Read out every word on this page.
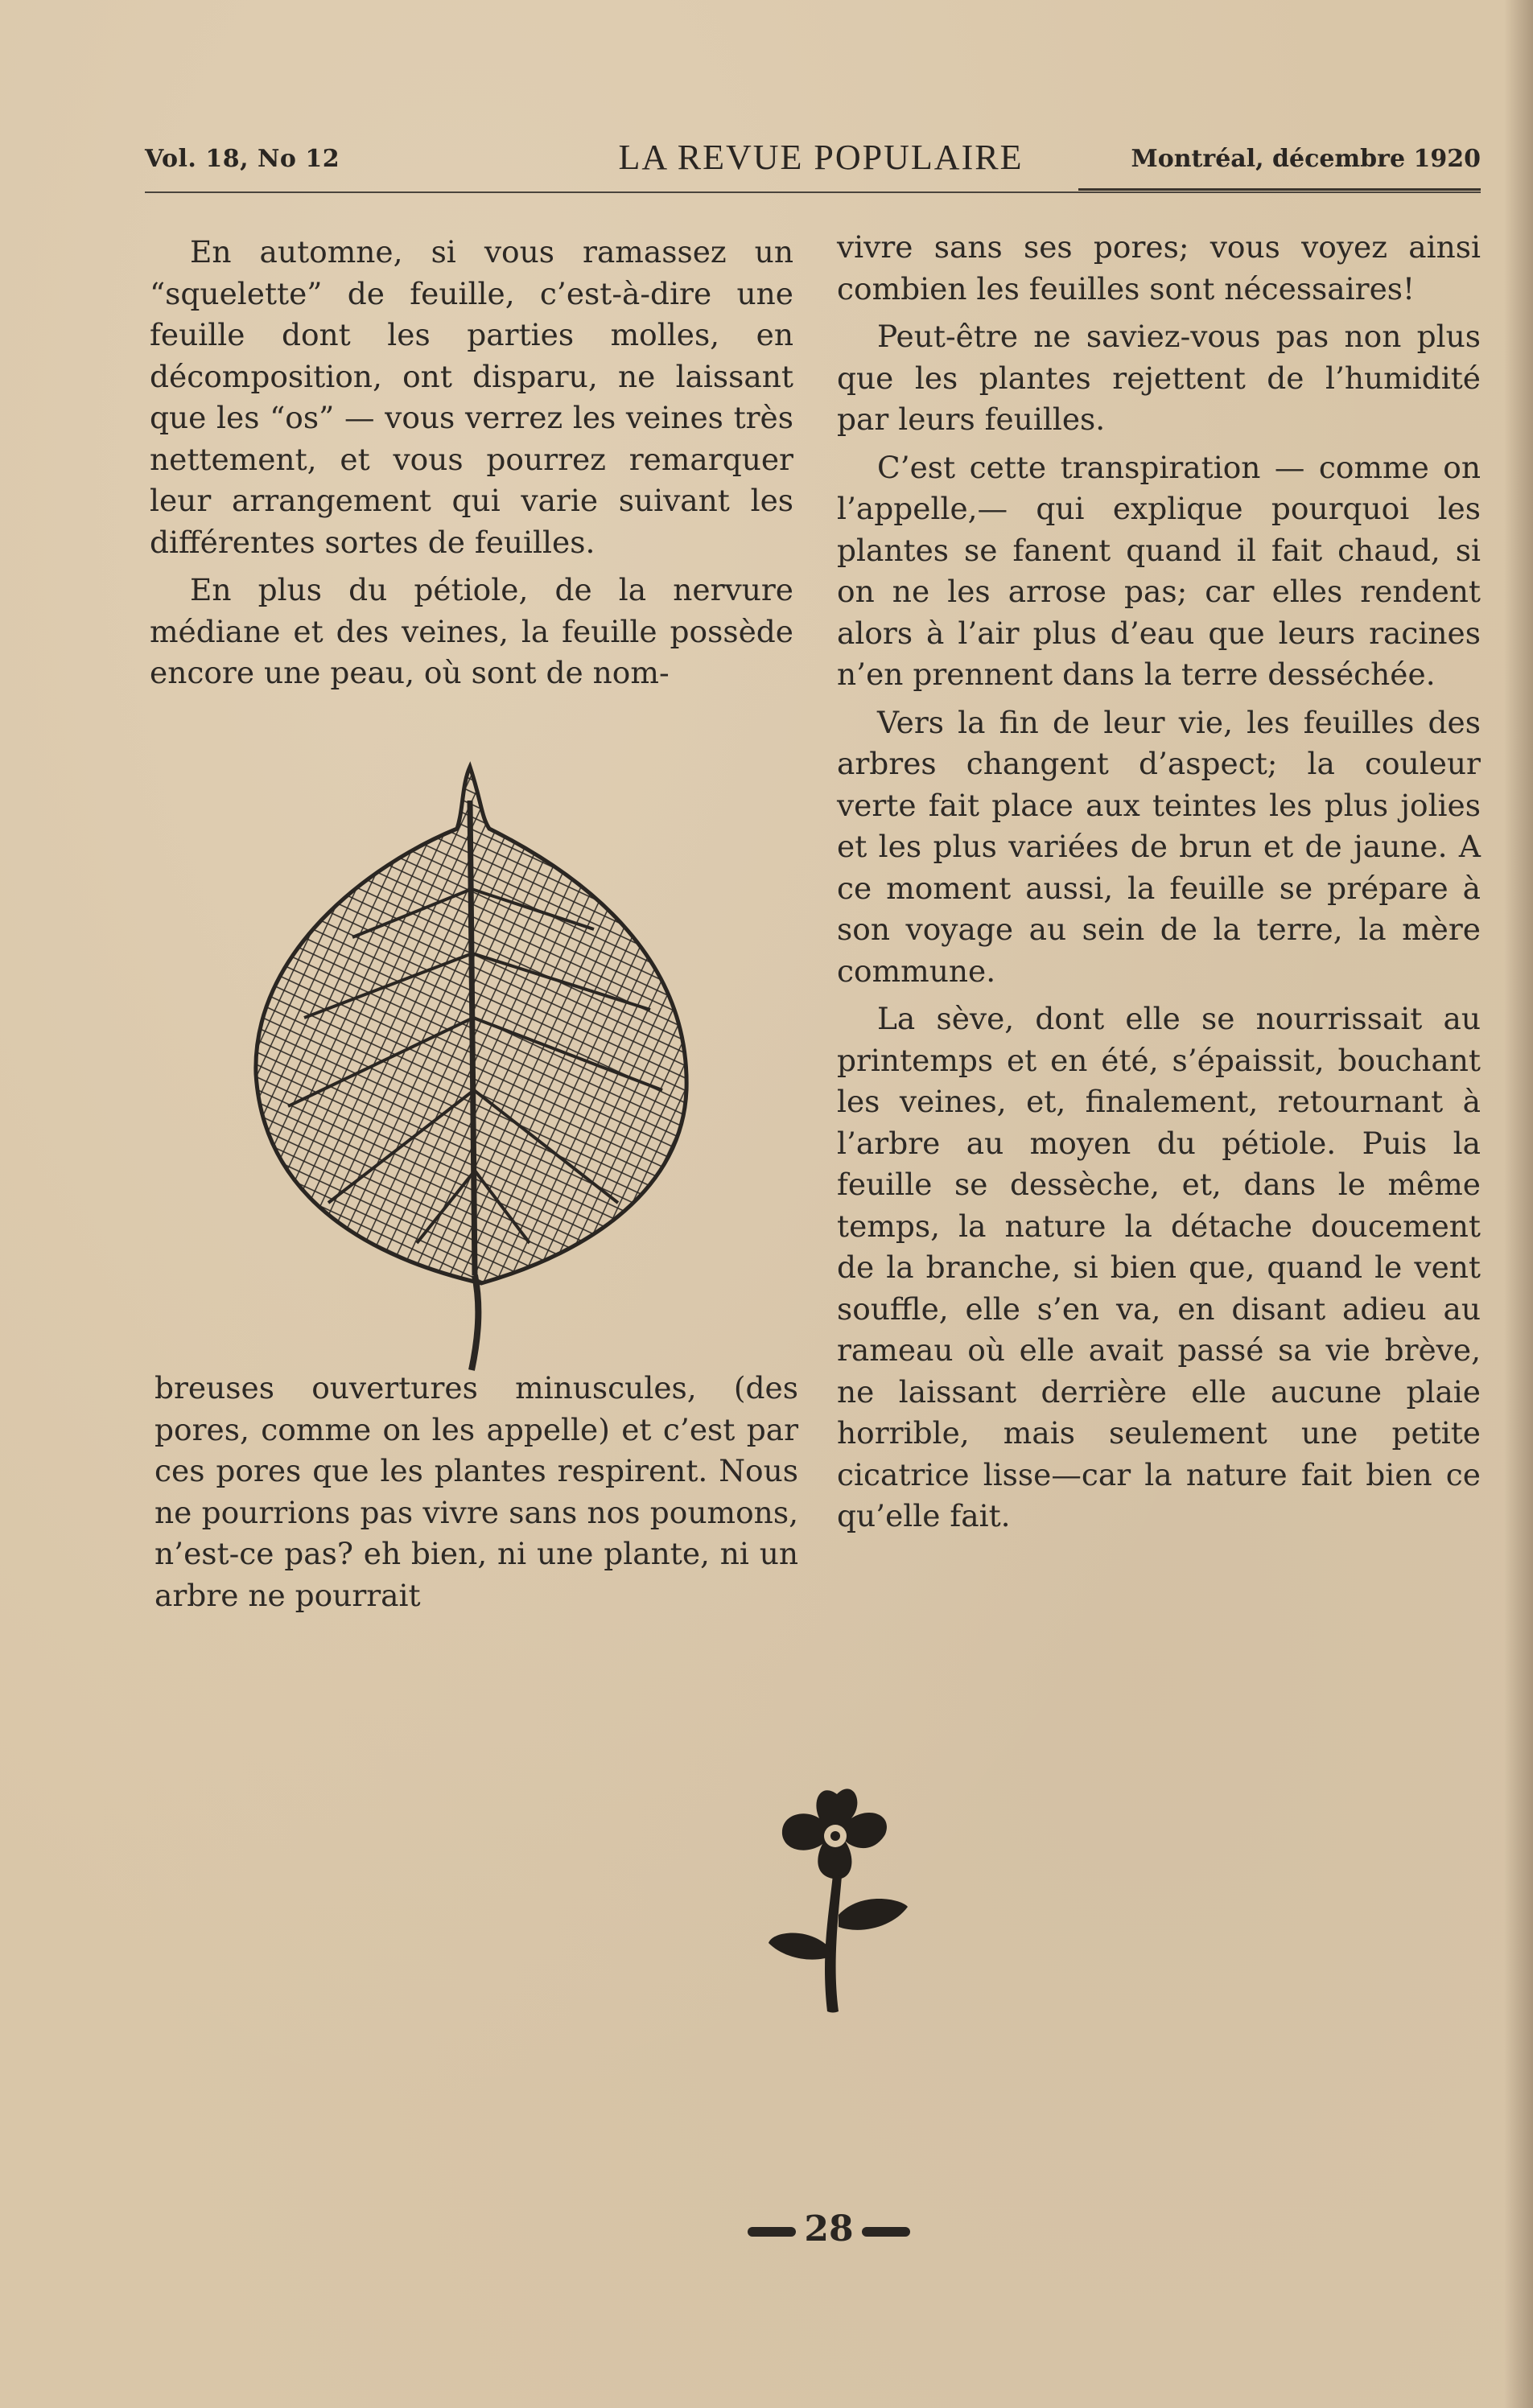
Vol. 18, No 12	LA REVUE POPULAIRE	Montréal, décembre 1920

En automne, si vous ramassez un “squelette” de feuille, c’est-à-dire une feuille dont les parties molles, en décomposition, ont disparu, ne laissant que les “os” — vous verrez les veines très nettement, et vous pourrez remarquer leur arrangement qui varie suivant les différentes sortes de feuilles.

En plus du pétiole, de la nervure médiane et des veines, la feuille possède encore une peau, où sont de nom-

breuses ouvertures minuscules, (des pores, comme on les appelle) et c’est par ces pores que les plantes respirent. Nous ne pourrions pas vivre sans nos poumons, n’est-ce pas? eh bien, ni une plante, ni un arbre ne pourrait

vivre sans ses pores; vous voyez ainsi combien les feuilles sont nécessaires!

Peut-être ne saviez-vous pas non plus que les plantes rejettent de l’humidité par leurs feuilles.

C’est cette transpiration — comme on l’appelle,— qui explique pourquoi les plantes se fanent quand il fait chaud, si on ne les arrose pas; car elles rendent alors à l’air plus d’eau que leurs racines n’en prennent dans la terre desséchée.

Vers la fin de leur vie, les feuilles des arbres changent d’aspect; la couleur verte fait place aux teintes les plus jolies et les plus variées de brun et de jaune. A ce moment aussi, la feuille se prépare à son voyage au sein de la terre, la mère commune.

La sève, dont elle se nourrissait au printemps et en été, s’épaissit, bouchant les veines, et, finalement, retournant à l’arbre au moyen du pétiole. Puis la feuille se dessèche, et, dans le même temps, la nature la détache doucement de la branche, si bien que, quand le vent souffle, elle s’en va, en disant adieu au rameau où elle avait passé sa vie brève, ne laissant derrière elle aucune plaie horrible, mais seulement une petite cicatrice lisse—car la nature fait bien ce qu’elle fait.

28
